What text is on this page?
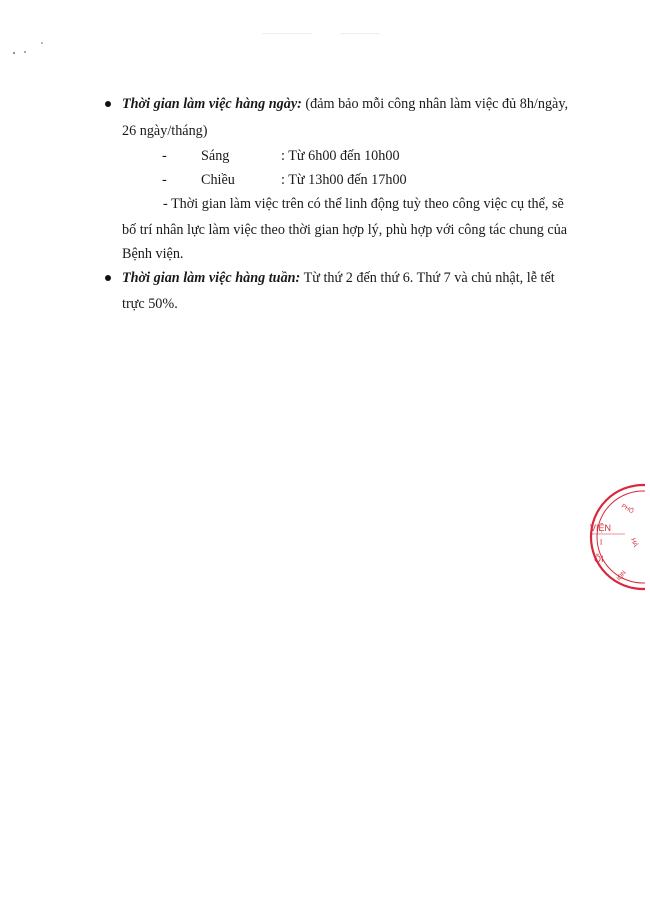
Thời gian làm việc hàng ngày: (đảm bảo mỗi công nhân làm việc đủ 8h/ngày,
26 ngày/tháng)
- Sáng	: Từ 6h00 đến 10h00
- Chiều	: Từ 13h00 đến 17h00
- Thời gian làm việc trên có thể linh động tuỳ theo công việc cụ thể, sẽ
bố trí nhân lực làm việc theo thời gian hợp lý, phù hợp với công tác chung của
Bệnh viện.
Thời gian làm việc hàng tuần: Từ thứ 2 đến thứ 6. Thứ 7 và chủ nhật, lễ tết
trực 50%.
PHỐ
HÀ
NỘI
VIỆN
I
ỘI
